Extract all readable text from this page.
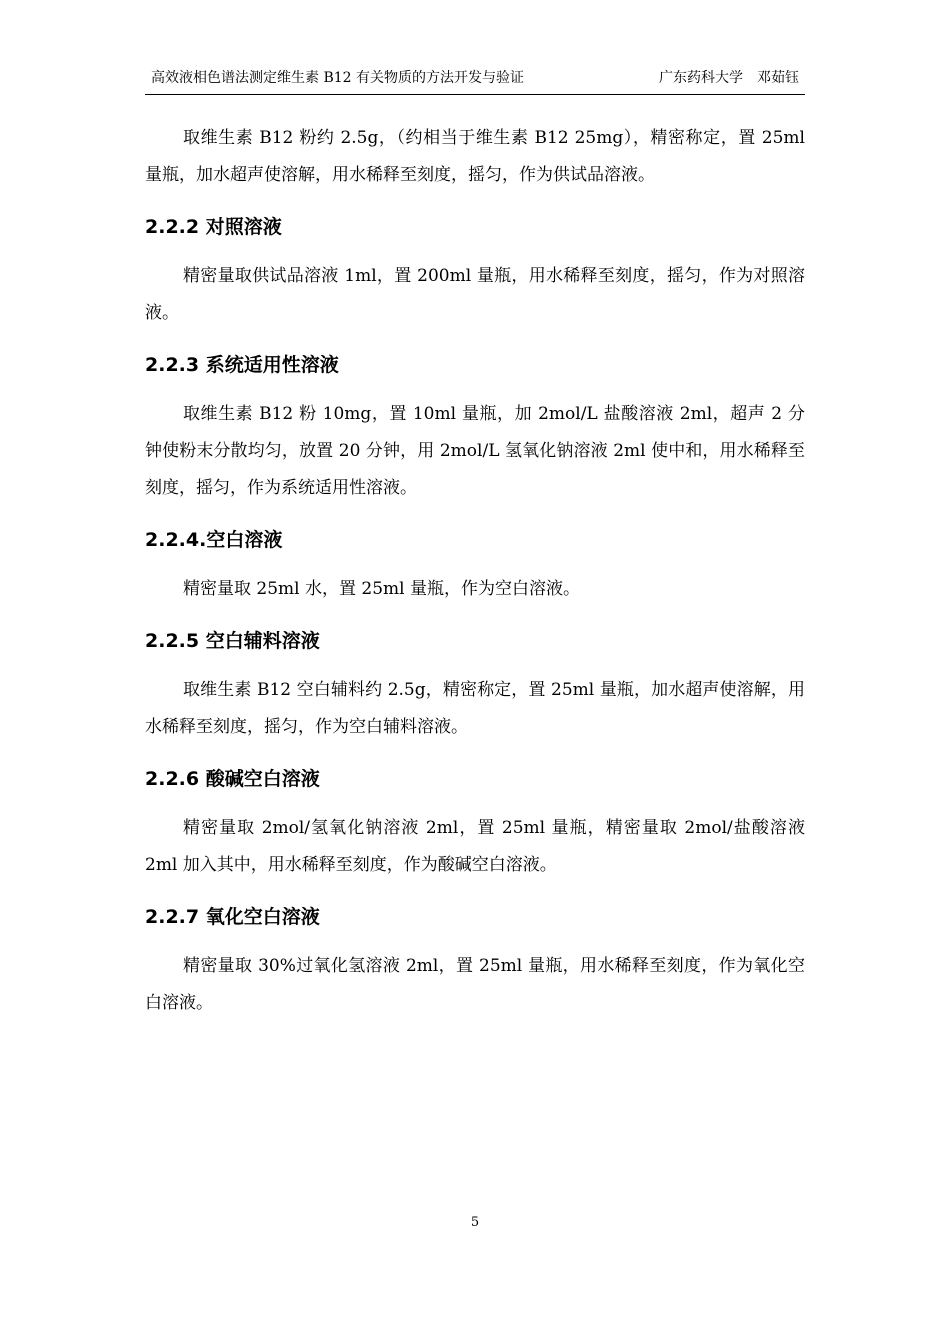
高效液相色谱法测定维生素 B12 有关物质的方法开发与验证	广东药科大学　邓茹钰

取维生素 B12 粉约 2.5g，（约相当于维生素 B12 25mg），精密称定，置 25ml 量瓶，加水超声使溶解，用水稀释至刻度，摇匀，作为供试品溶液。

2.2.2 对照溶液

精密量取供试品溶液 1ml，置 200ml 量瓶，用水稀释至刻度，摇匀，作为对照溶液。

2.2.3 系统适用性溶液

取维生素 B12 粉 10mg，置 10ml 量瓶，加 2mol/L 盐酸溶液 2ml，超声 2 分钟使粉末分散均匀，放置 20 分钟，用 2mol/L 氢氧化钠溶液 2ml 使中和，用水稀释至刻度，摇匀，作为系统适用性溶液。

2.2.4.空白溶液

精密量取 25ml 水，置 25ml 量瓶，作为空白溶液。

2.2.5 空白辅料溶液

取维生素 B12 空白辅料约 2.5g，精密称定，置 25ml 量瓶，加水超声使溶解，用水稀释至刻度，摇匀，作为空白辅料溶液。

2.2.6 酸碱空白溶液

精密量取 2mol/氢氧化钠溶液 2ml，置 25ml 量瓶，精密量取 2mol/盐酸溶液 2ml 加入其中，用水稀释至刻度，作为酸碱空白溶液。

2.2.7 氧化空白溶液

精密量取 30%过氧化氢溶液 2ml，置 25ml 量瓶，用水稀释至刻度，作为氧化空白溶液。

5
